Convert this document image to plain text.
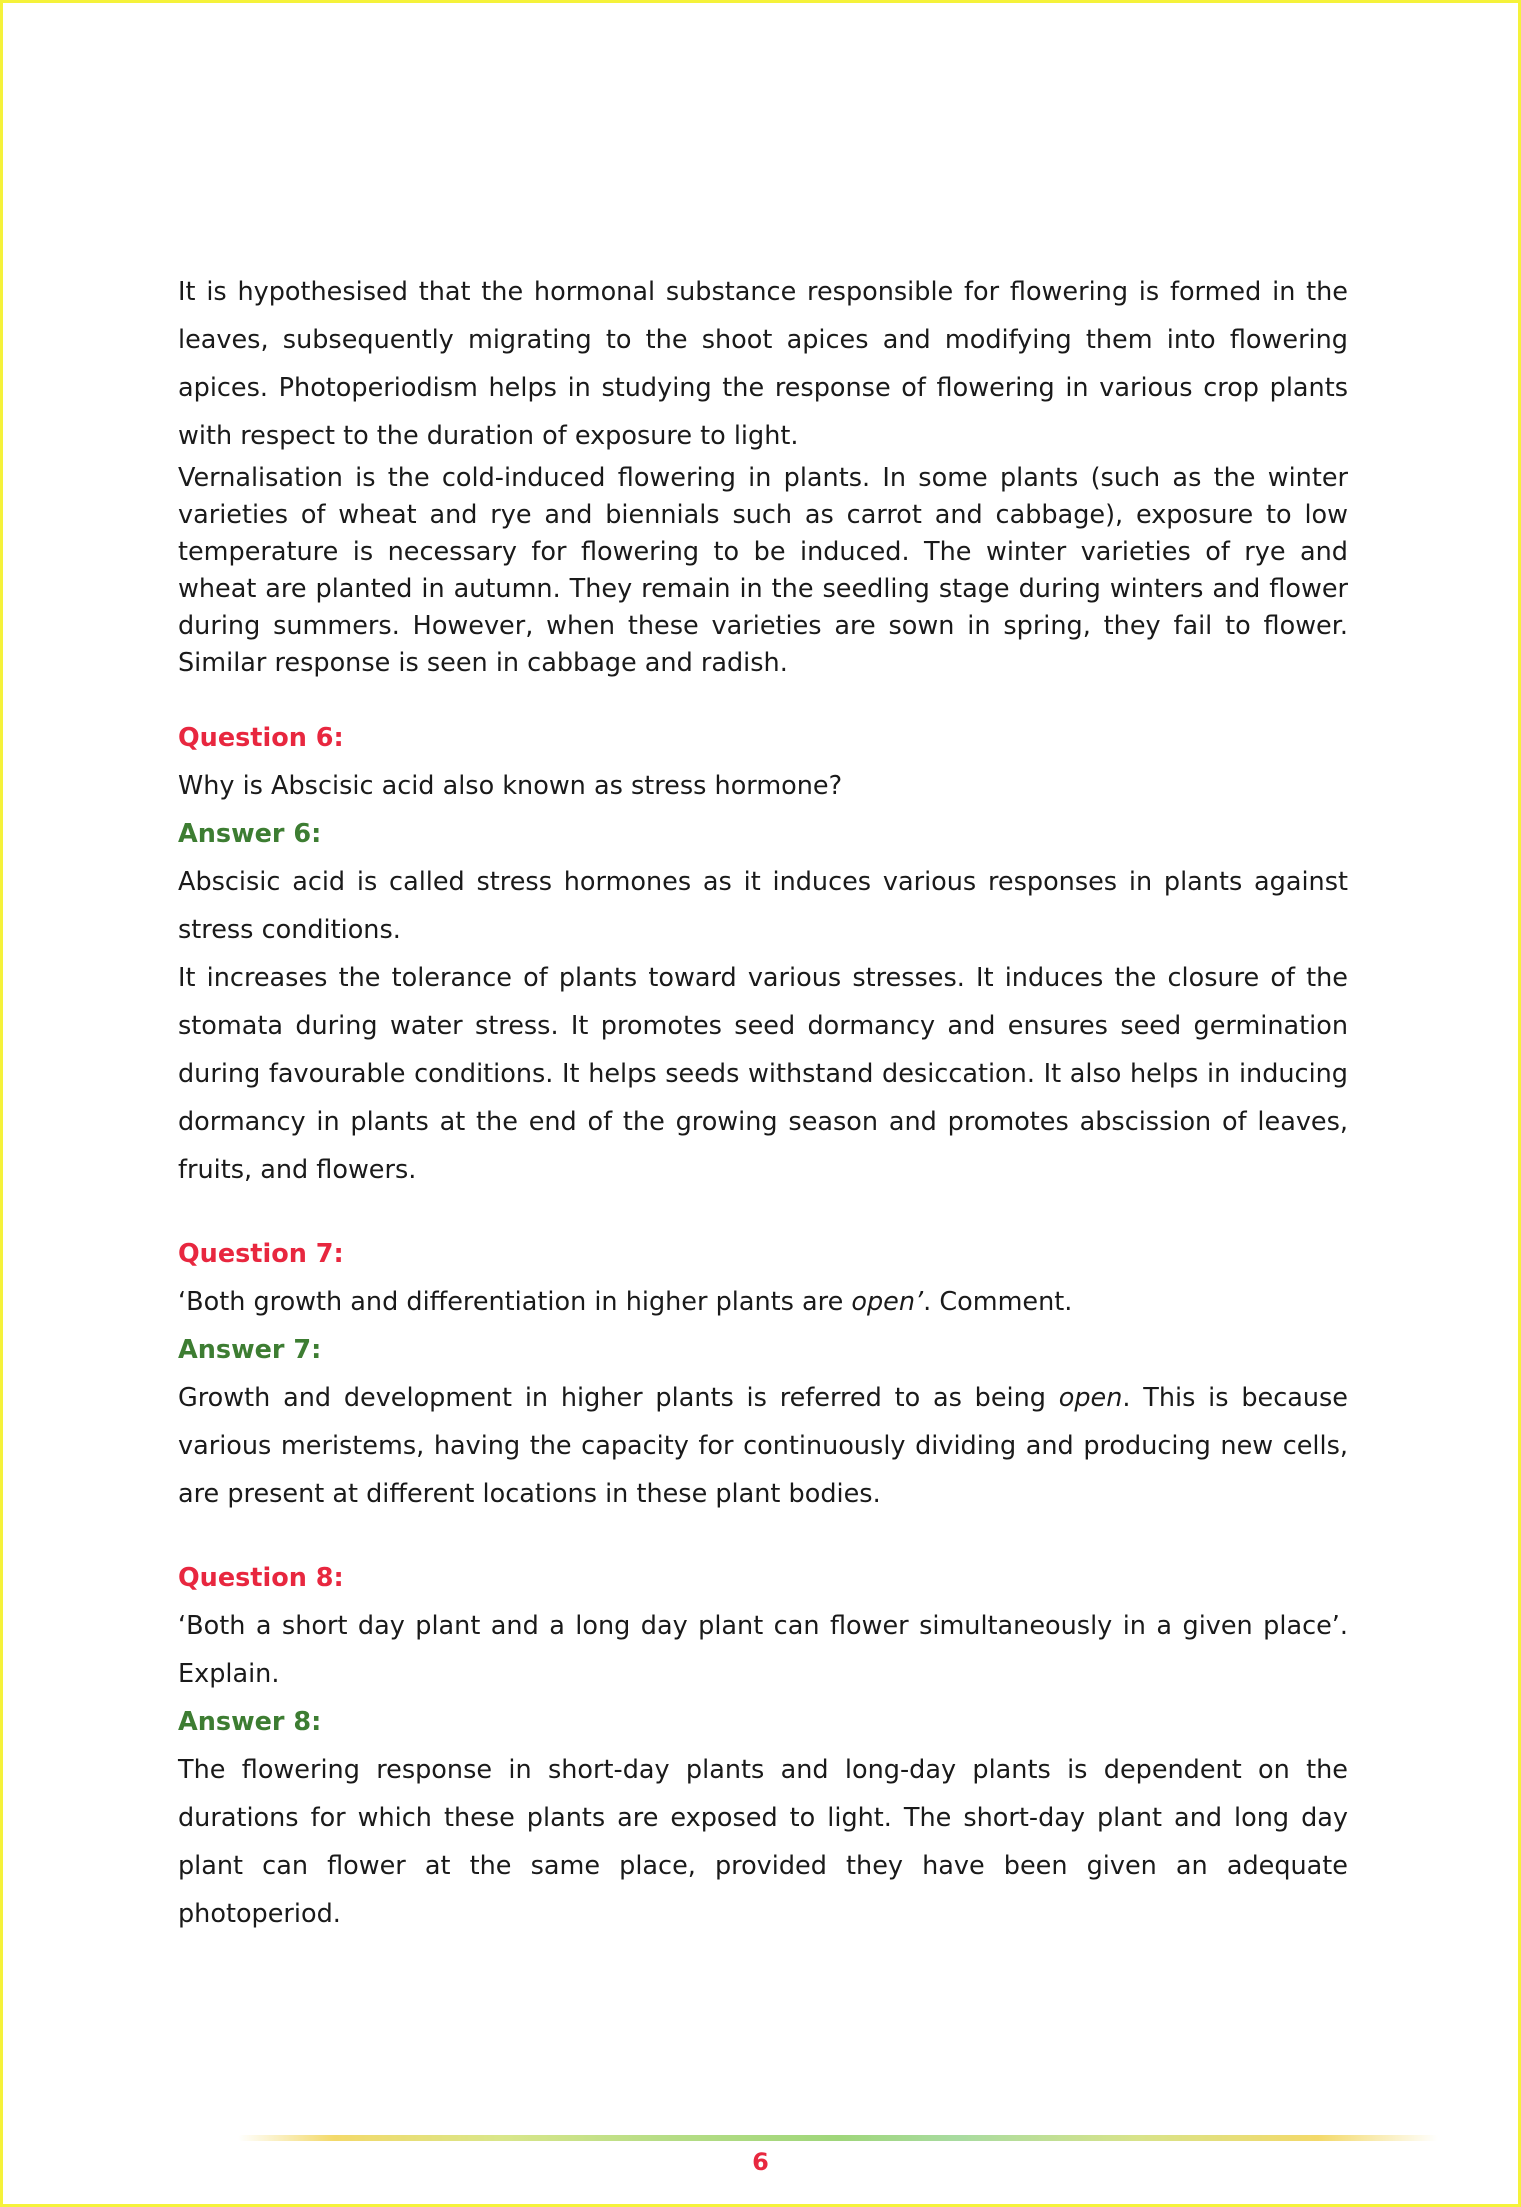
It is hypothesised that the hormonal substance responsible for flowering is formed in the leaves, subsequently migrating to the shoot apices and modifying them into flowering apices. Photoperiodism helps in studying the response of flowering in various crop plants with respect to the duration of exposure to light.

Vernalisation is the cold-induced flowering in plants. In some plants (such as the winter varieties of wheat and rye and biennials such as carrot and cabbage), exposure to low temperature is necessary for flowering to be induced. The winter varieties of rye and wheat are planted in autumn. They remain in the seedling stage during winters and flower during summers. However, when these varieties are sown in spring, they fail to flower. Similar response is seen in cabbage and radish.

Question 6:

Why is Abscisic acid also known as stress hormone?

Answer 6:

Abscisic acid is called stress hormones as it induces various responses in plants against stress conditions.

It increases the tolerance of plants toward various stresses. It induces the closure of the stomata during water stress. It promotes seed dormancy and ensures seed germination during favourable conditions. It helps seeds withstand desiccation. It also helps in inducing dormancy in plants at the end of the growing season and promotes abscission of leaves, fruits, and flowers.

Question 7:

‘Both growth and differentiation in higher plants are open’. Comment.

Answer 7:

Growth and development in higher plants is referred to as being open. This is because various meristems, having the capacity for continuously dividing and producing new cells, are present at different locations in these plant bodies.

Question 8:

‘Both a short day plant and a long day plant can flower simultaneously in a given place’. Explain.

Answer 8:

The flowering response in short-day plants and long-day plants is dependent on the durations for which these plants are exposed to light. The short-day plant and long day plant can flower at the same place, provided they have been given an adequate photoperiod.

6
